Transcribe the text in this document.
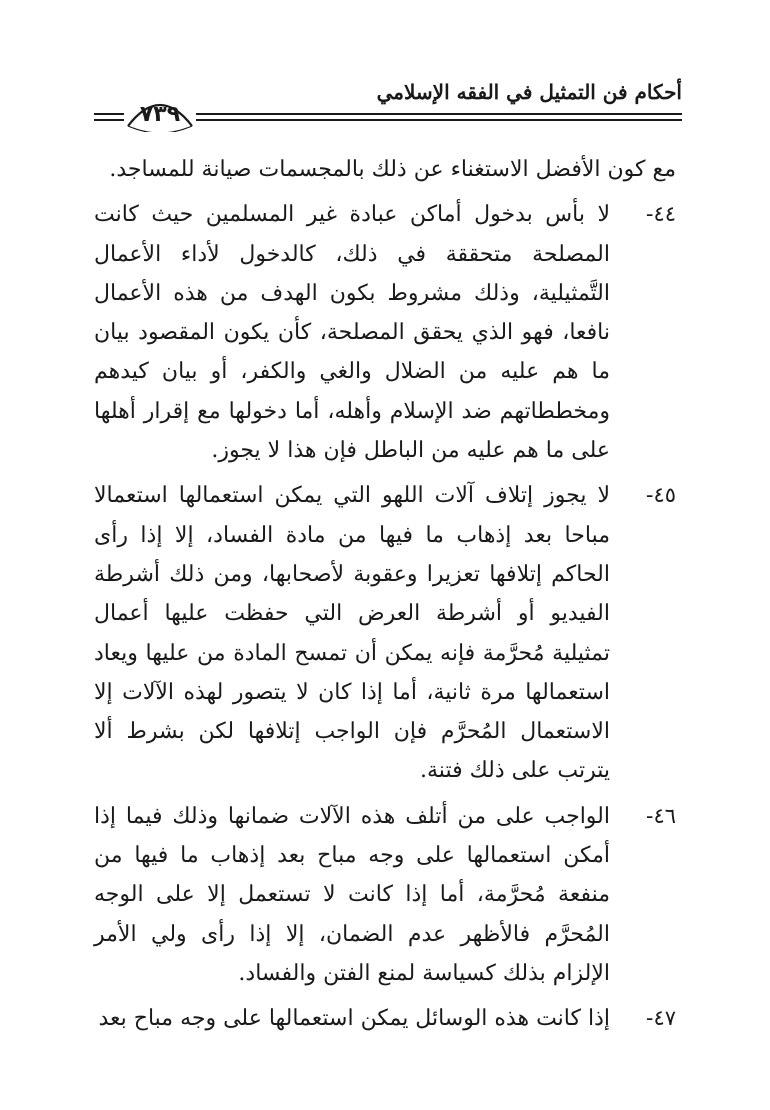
أحكام فن التمثيل في الفقه الإسلامي
٧٣٩

مع كون الأفضل الاستغناء عن ذلك بالمجسمات صيانة للمساجد.

٤٤-

لا بأس بدخول أماكن عبادة غير المسلمين حيث كانت المصلحة متحققة في ذلك، كالدخول لأداء الأعمال التَّمثيلية، وذلك مشروط بكون الهدف من هذه الأعمال نافعا، فهو الذي يحقق المصلحة، كأن يكون المقصود بيان ما هم عليه من الضلال والغي والكفر، أو بيان كيدهم ومخططاتهم ضد الإسلام وأهله، أما دخولها مع إقرار أهلها على ما هم عليه من الباطل فإن هذا لا يجوز.

٤٥-

لا يجوز إتلاف آلات اللهو التي يمكن استعمالها استعمالا مباحا بعد إذهاب ما فيها من مادة الفساد، إلا إذا رأى الحاكم إتلافها تعزيرا وعقوبة لأصحابها، ومن ذلك أشرطة الفيديو أو أشرطة العرض التي حفظت عليها أعمال تمثيلية مُحرَّمة فإنه يمكن أن تمسح المادة من عليها ويعاد استعمالها مرة ثانية، أما إذا كان لا يتصور لهذه الآلات إلا الاستعمال المُحرَّم فإن الواجب إتلافها لكن بشرط ألا يترتب على ذلك فتنة.

٤٦-

الواجب على من أتلف هذه الآلات ضمانها وذلك فيما إذا أمكن استعمالها على وجه مباح بعد إذهاب ما فيها من منفعة مُحرَّمة، أما إذا كانت لا تستعمل إلا على الوجه المُحرَّم فالأظهر عدم الضمان، إلا إذا رأى ولي الأمر الإلزام بذلك كسياسة لمنع الفتن والفساد.

٤٧-

إذا كانت هذه الوسائل يمكن استعمالها على وجه مباح بعد
